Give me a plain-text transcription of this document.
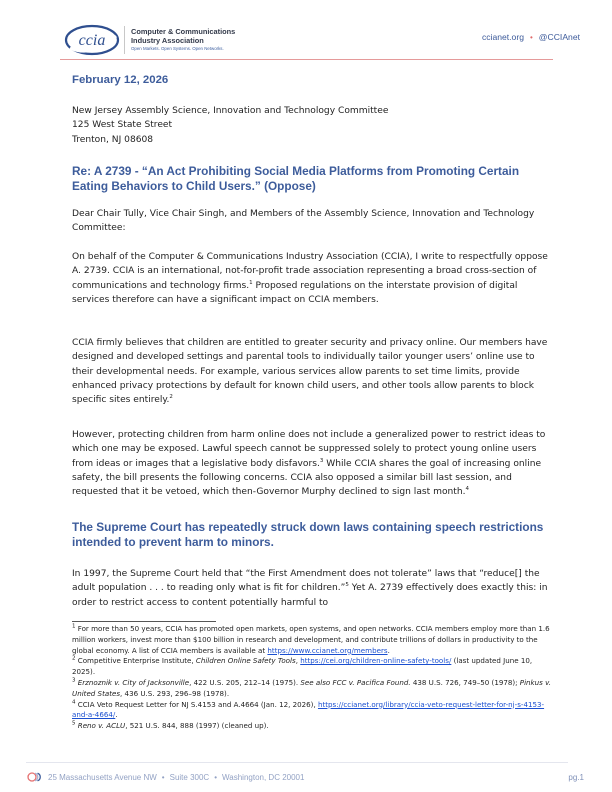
ccia
Computer & Communications
Industry Association
Open Markets. Open Systems. Open Networks.
ccianet.org • @CCIAnet
February 12, 2026
New Jersey Assembly Science, Innovation and Technology Committee
125 West State Street
Trenton, NJ 08608
Re: A 2739 - “An Act Prohibiting Social Media Platforms from Promoting Certain Eating Behaviors to Child Users.” (Oppose)
Dear Chair Tully, Vice Chair Singh, and Members of the Assembly Science, Innovation and Technology Committee:
On behalf of the Computer & Communications Industry Association (CCIA), I write to respectfully oppose A. 2739. CCIA is an international, not-for-profit trade association representing a broad cross-section of communications and technology firms.$^1$ Proposed regulations on the interstate provision of digital services therefore can have a significant impact on CCIA members.
CCIA firmly believes that children are entitled to greater security and privacy online. Our members have designed and developed settings and parental tools to individually tailor younger users’ online use to their developmental needs. For example, various services allow parents to set time limits, provide enhanced privacy protections by default for known child users, and other tools allow parents to block specific sites entirely.$^2$
However, protecting children from harm online does not include a generalized power to restrict ideas to which one may be exposed. Lawful speech cannot be suppressed solely to protect young online users from ideas or images that a legislative body disfavors.$^3$ While CCIA shares the goal of increasing online safety, the bill presents the following concerns. CCIA also opposed a similar bill last session, and requested that it be vetoed, which then-Governor Murphy declined to sign last month.$^4$
The Supreme Court has repeatedly struck down laws containing speech restrictions intended to prevent harm to minors.
In 1997, the Supreme Court held that “the First Amendment does not tolerate” laws that “reduce[] the adult population . . . to reading only what is fit for children.”$^5$ Yet A. 2739 effectively does exactly this: in order to restrict access to content potentially harmful to
$^1$ For more than 50 years, CCIA has promoted open markets, open systems, and open networks. CCIA members employ more than 1.6 million workers, invest more than $100 billion in research and development, and contribute trillions of dollars in productivity to the global economy. A list of CCIA members is available at https://www.ccianet.org/members.
$^2$ Competitive Enterprise Institute, Children Online Safety Tools, https://cei.org/children-online-safety-tools/ (last updated June 10, 2025).
$^3$ Erznoznik v. City of Jacksonville, 422 U.S. 205, 212–14 (1975). See also FCC v. Pacifica Found. 438 U.S. 726, 749–50 (1978); Pinkus v. United States, 436 U.S. 293, 296–98 (1978).
$^4$ CCIA Veto Request Letter for NJ S.4153 and A.4664 (Jan. 12, 2026), https://ccianet.org/library/ccia-veto-request-letter-for-nj-s-4153-and-a-4664/.
$^5$ Reno v. ACLU, 521 U.S. 844, 888 (1997) (cleaned up).
25 Massachusetts Avenue NW • Suite 300C • Washington, DC 20001	pg.1
